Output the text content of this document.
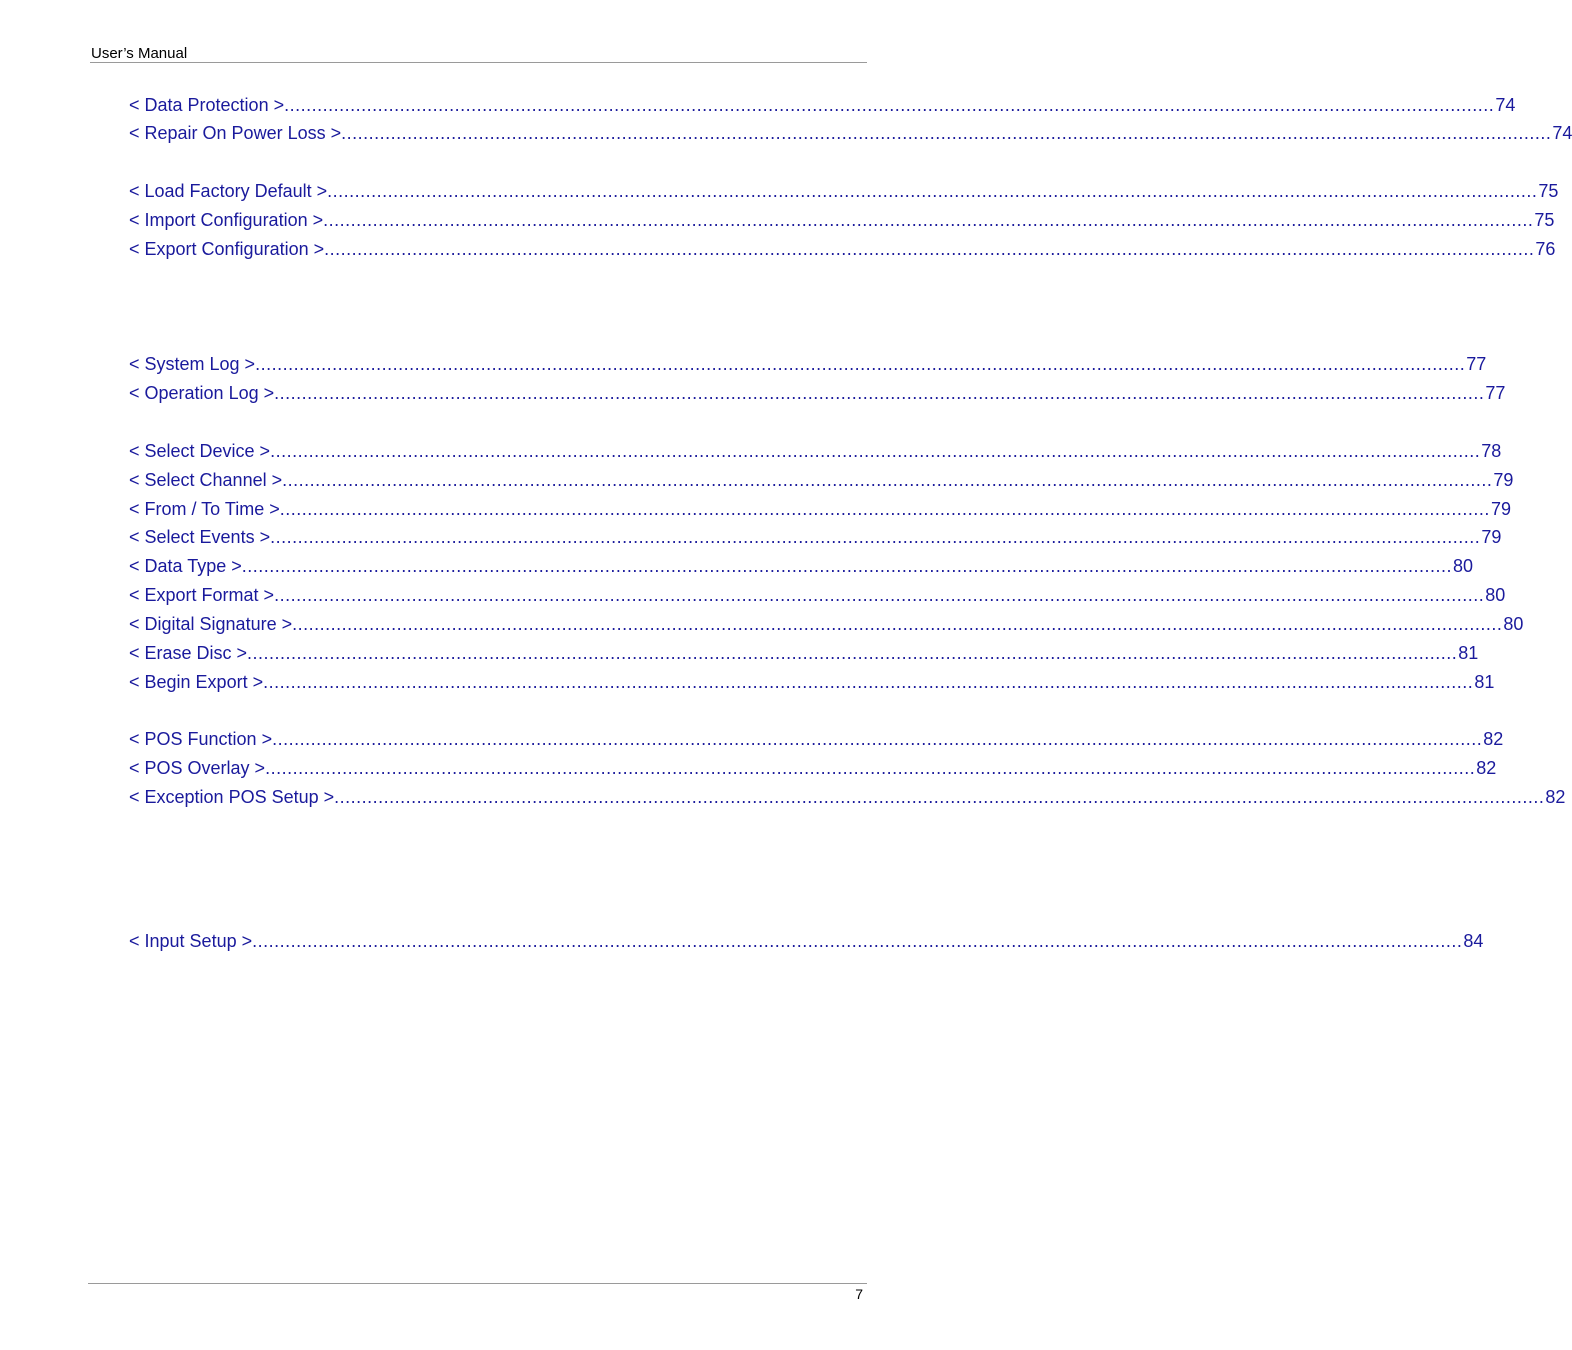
User’s Manual
< Data Protection > ............................................................................................................................................................................................................................ 74
< Repair On Power Loss > ............................................................................................................................................................................................................................ 74
< Load Factory Default > ............................................................................................................................................................................................................................ 75
< Import Configuration > ............................................................................................................................................................................................................................ 75
< Export Configuration > ............................................................................................................................................................................................................................ 76
< System Log > ............................................................................................................................................................................................................................ 77
< Operation Log > ............................................................................................................................................................................................................................ 77
< Select Device > ............................................................................................................................................................................................................................ 78
< Select Channel > ............................................................................................................................................................................................................................ 79
< From / To Time > ............................................................................................................................................................................................................................ 79
< Select Events > ............................................................................................................................................................................................................................ 79
< Data Type > ............................................................................................................................................................................................................................ 80
< Export Format > ............................................................................................................................................................................................................................ 80
< Digital Signature > ............................................................................................................................................................................................................................ 80
< Erase Disc > ............................................................................................................................................................................................................................ 81
< Begin Export > ............................................................................................................................................................................................................................ 81
< POS Function > ............................................................................................................................................................................................................................ 82
< POS Overlay > ............................................................................................................................................................................................................................ 82
< Exception POS Setup > ............................................................................................................................................................................................................................ 82
< Input Setup > ............................................................................................................................................................................................................................ 84
7
